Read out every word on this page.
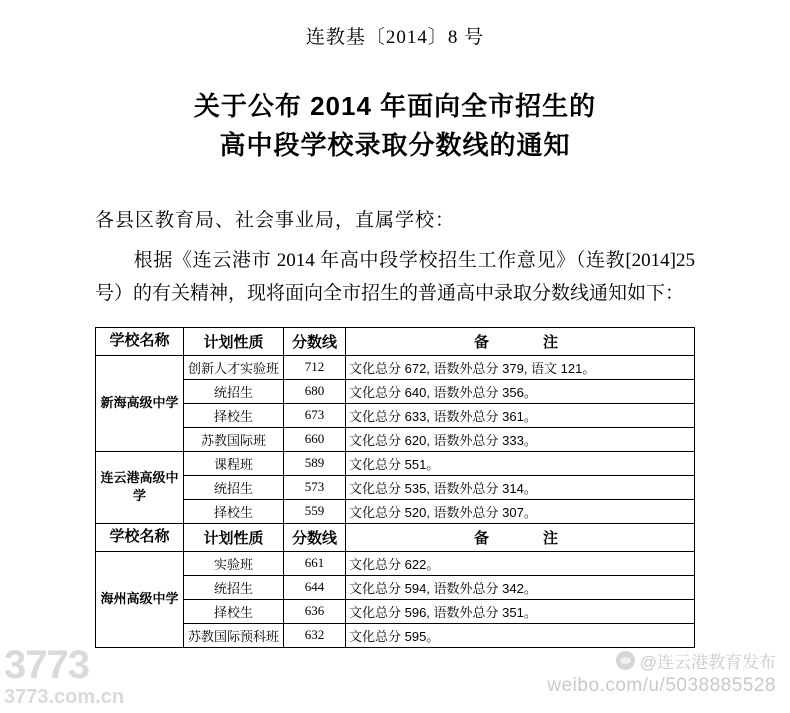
连教基〔2014〕8 号
关于公布 2014 年面向全市招生的
高中段学校录取分数线的通知
各县区教育局、社会事业局，直属学校：
根据《连云港市 2014 年高中段学校招生工作意见》（连教[2014]25 号）的有关精神，现将面向全市招生的普通高中录取分数线通知如下：
学校名称	计划性质	分数线	备　　注
新海高级中学	创新人才实验班	712	文化总分 672, 语数外总分 379, 语文 121。
	统招生	680	文化总分 640, 语数外总分 356。
	择校生	673	文化总分 633, 语数外总分 361。
	苏教国际班	660	文化总分 620, 语数外总分 333。
连云港高级中学	课程班	589	文化总分 551。
	统招生	573	文化总分 535, 语数外总分 314。
	择校生	559	文化总分 520, 语数外总分 307。
学校名称	计划性质	分数线	备　　注
海州高级中学	实验班	661	文化总分 622。
	统招生	644	文化总分 594, 语数外总分 342。
	择校生	636	文化总分 596, 语数外总分 351。
	苏教国际预科班	632	文化总分 595。
3773
3773.com.cn
@连云港教育发布
weibo.com/u/5038885528
